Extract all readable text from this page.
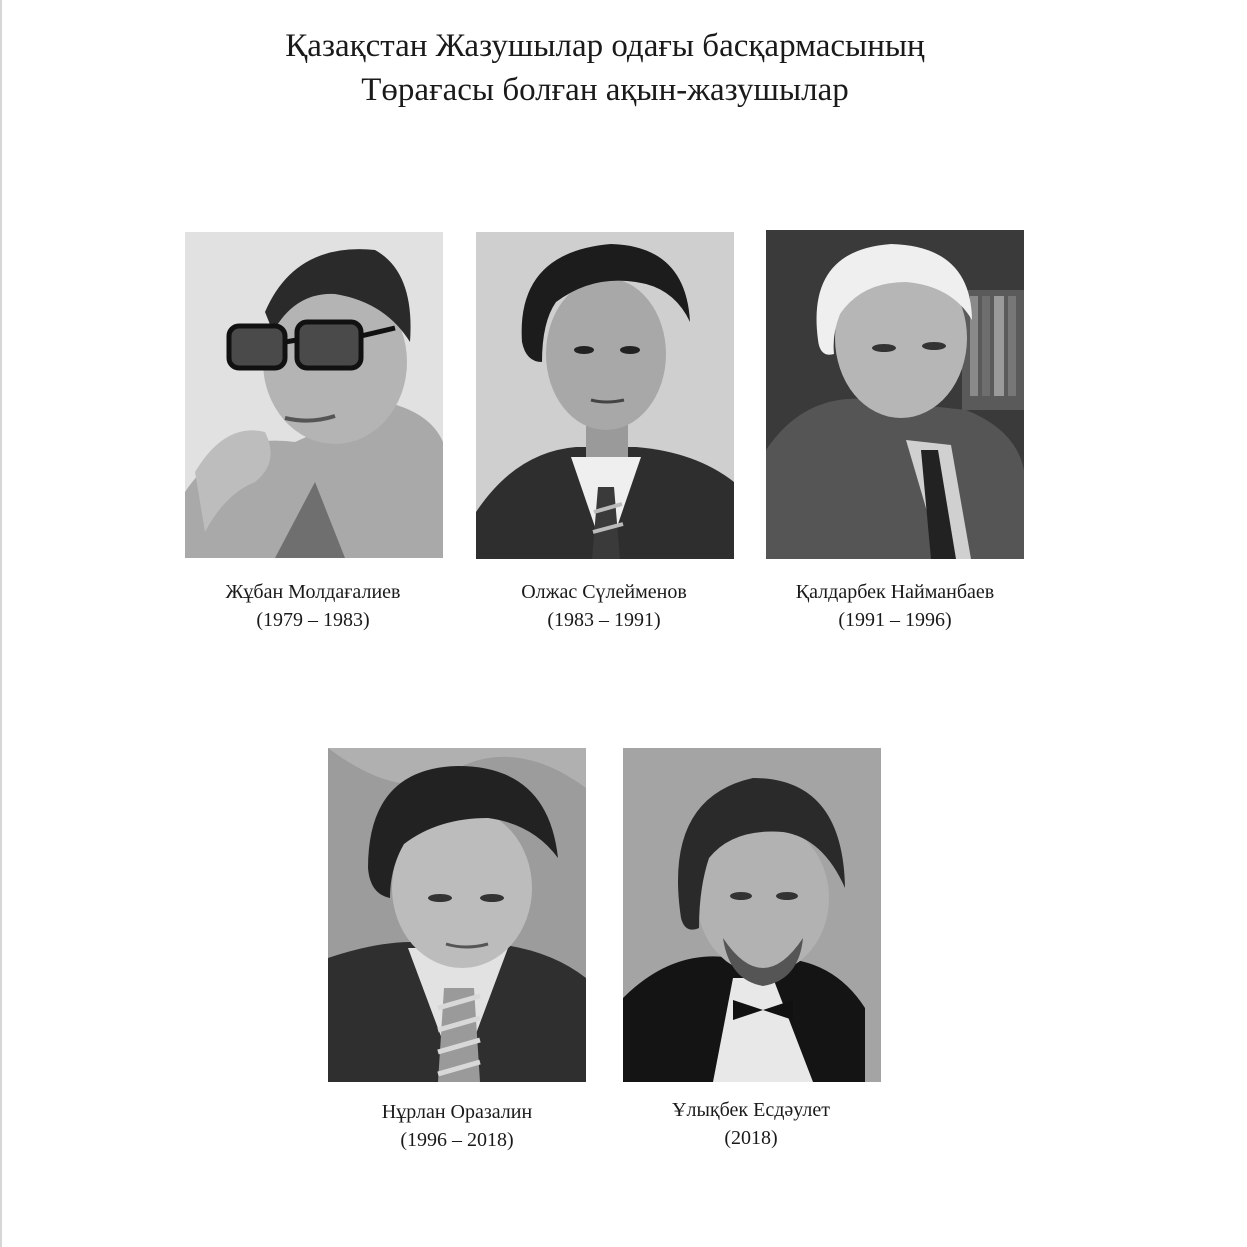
Қазақстан Жазушылар одағы басқармасының
Төрағасы болған ақын-жазушылар
Жұбан Молдағалиев
(1979 – 1983)
Олжас Сүлейменов
(1983 – 1991)
Қалдарбек Найманбаев
(1991 – 1996)
Нұрлан Оразалин
(1996 – 2018)
Ұлықбек Есдәулет
(2018)
